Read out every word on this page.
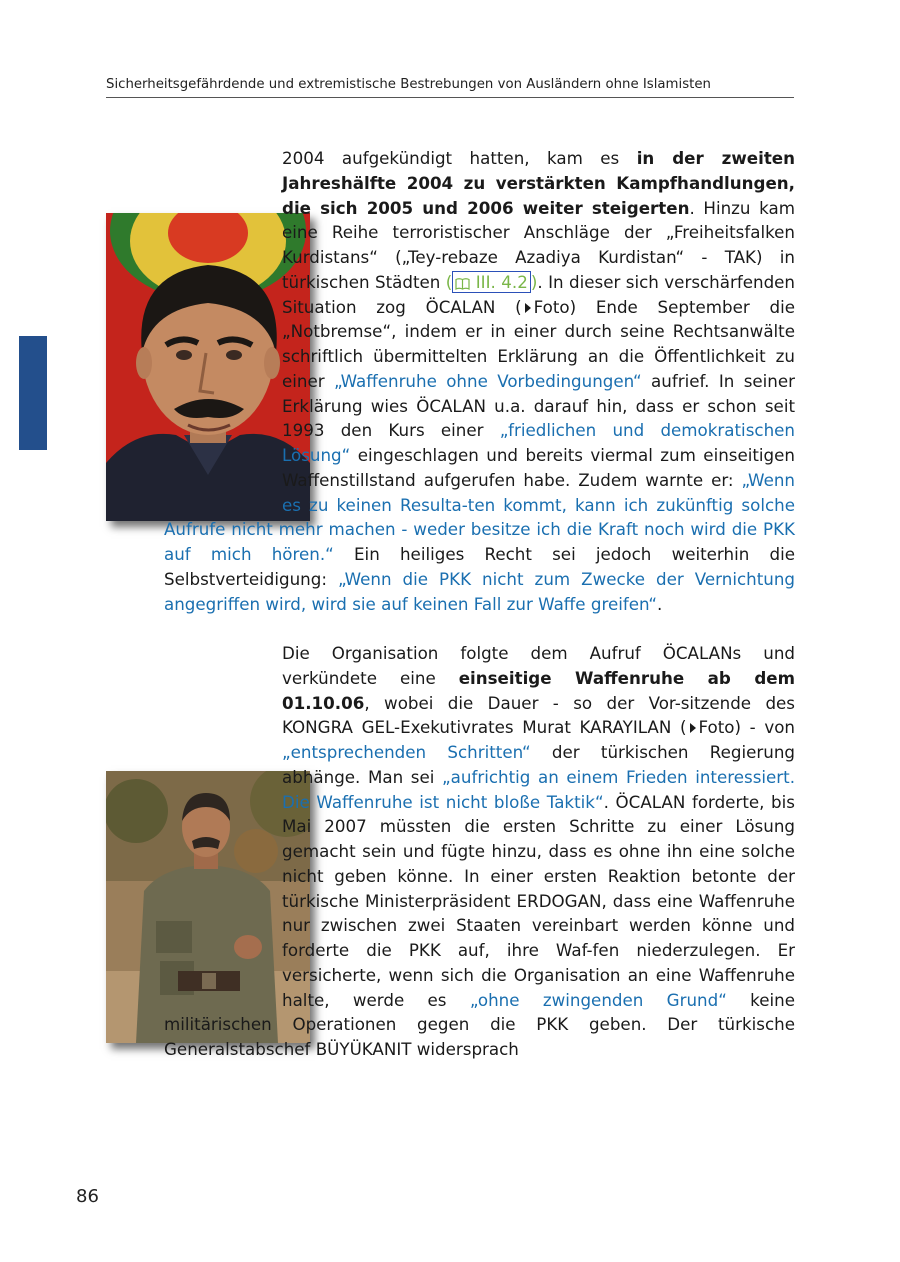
Sicherheitsgefährdende und extremistische Bestrebungen von Ausländern ohne Islamisten

2004 aufgekündigt hatten, kam es in der zweiten Jahreshälfte 2004 zu verstärkten Kampfhandlungen, die sich 2005 und 2006 weiter steigerten. Hinzu kam eine Reihe terroristischer Anschläge der „Freiheitsfalken Kurdistans“ („Tey-rebaze Azadiya Kurdistan“ - TAK) in türkischen Städten ( III. 4.2 ). In dieser sich verschärfenden Situation zog ÖCALAN ( Foto) Ende September die „Notbremse“, indem er in einer durch seine Rechtsanwälte schriftlich übermittelten Erklärung an die Öffentlichkeit zu einer „Waffenruhe ohne Vorbedingungen“ aufrief. In seiner Erklärung wies ÖCALAN u.a. darauf hin, dass er schon seit 1993 den Kurs einer „friedlichen und demokratischen Lösung“ eingeschlagen und bereits viermal zum einseitigen Waffenstillstand aufgerufen habe. Zudem warnte er: „Wenn es zu keinen Resulta-ten kommt, kann ich zukünftig solche Aufrufe nicht mehr machen - weder besitze ich die Kraft noch wird die PKK auf mich hören.“ Ein heiliges Recht sei jedoch weiterhin die Selbstverteidigung: „Wenn die PKK nicht zum Zwecke der Vernichtung angegriffen wird, wird sie auf keinen Fall zur Waffe greifen“.

Die Organisation folgte dem Aufruf ÖCALANs und verkündete eine einseitige Waffenruhe ab dem 01.10.06, wobei die Dauer - so der Vor-sitzende des KONGRA GEL-Exekutivrates Murat KARAYILAN ( Foto) - von „entsprechenden Schritten“ der türkischen Regierung abhänge. Man sei „aufrichtig an einem Frieden interessiert. Die Waffenruhe ist nicht bloße Taktik“. ÖCALAN forderte, bis Mai 2007 müssten die ersten Schritte zu einer Lösung gemacht sein und fügte hinzu, dass es ohne ihn eine solche nicht geben könne. In einer ersten Reaktion betonte der türkische Ministerpräsident ERDOGAN, dass eine Waffenruhe nur zwischen zwei Staaten vereinbart werden könne und forderte die PKK auf, ihre Waf-fen niederzulegen. Er versicherte, wenn sich die Organisation an eine Waffenruhe halte, werde es „ohne zwingenden Grund“ keine militärischen Operationen gegen die PKK geben. Der türkische Generalstabschef BÜYÜKANIT widersprach

86
